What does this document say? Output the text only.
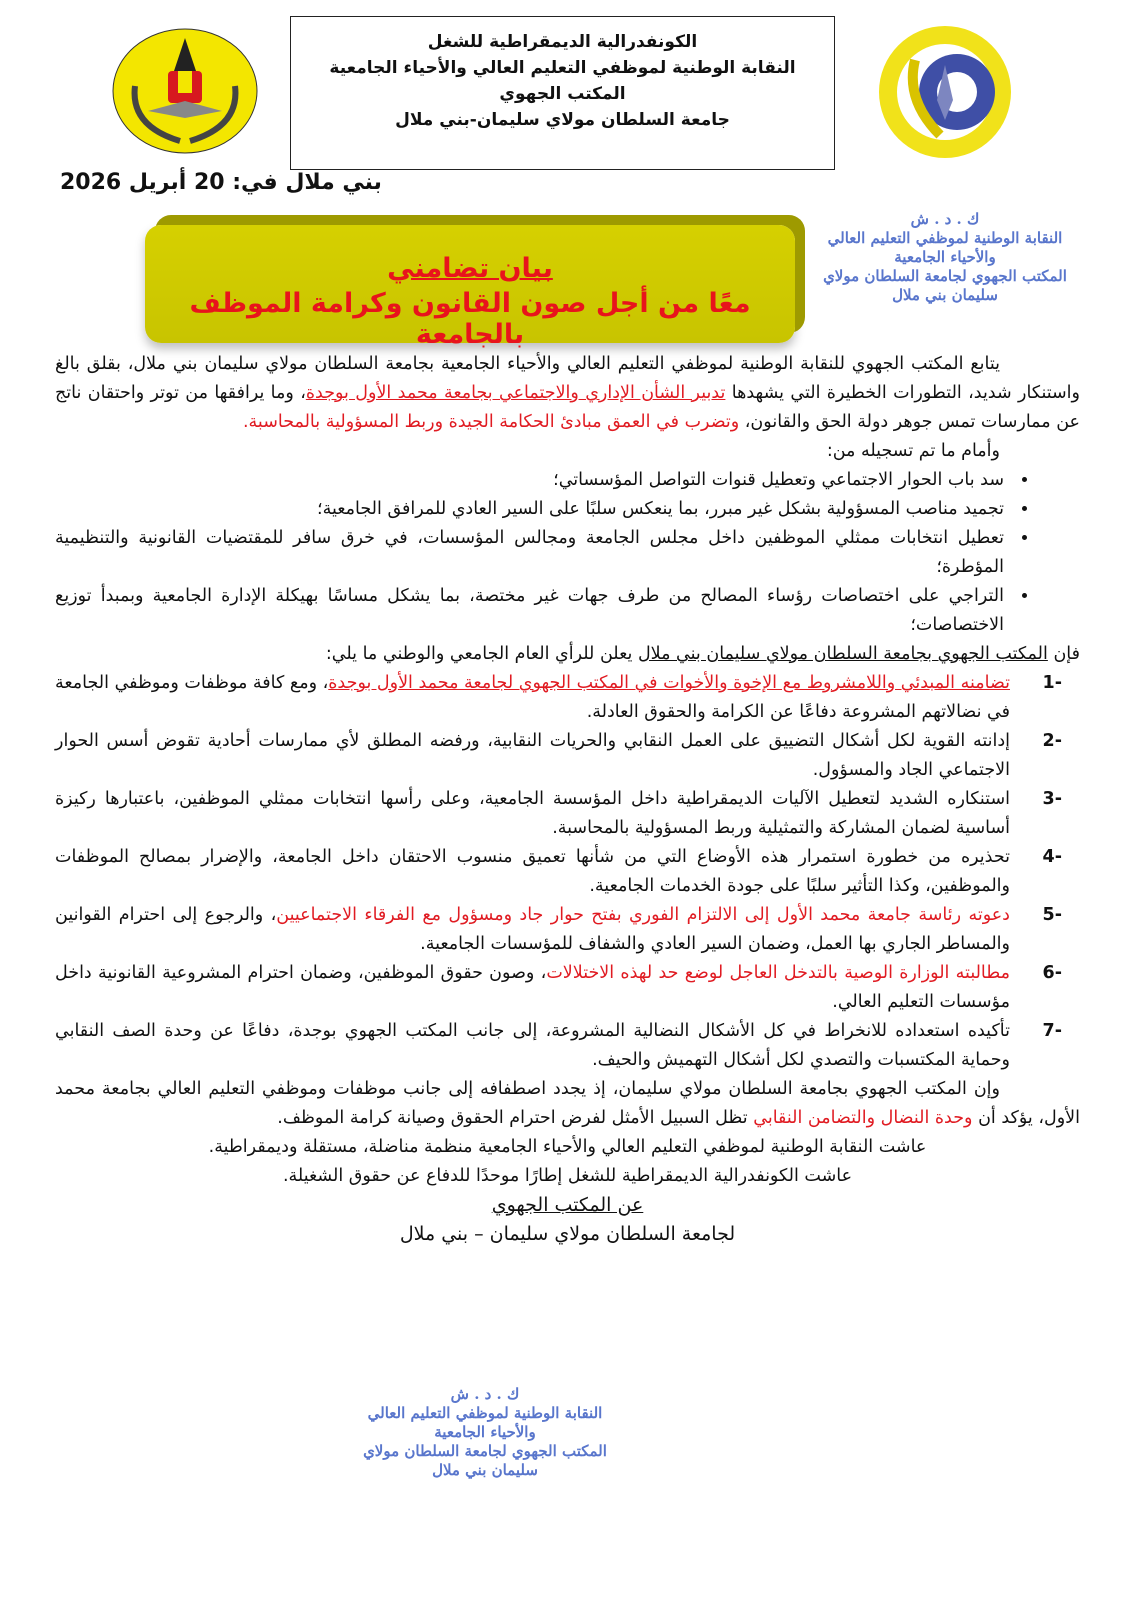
الكونفدرالية الديمقراطية للشغل
النقابة الوطنية لموظفي التعليم العالي والأحياء الجامعية
المكتب الجهوي
جامعة السلطان مولاي سليمان-بني ملال
بني ملال في: 20 أبريل 2026
بيان تضامني
معًا من أجل صون القانون وكرامة الموظف بالجامعة
ك . د . ش
النقابة الوطنية لموظفي التعليم العالي
والأحياء الجامعية
المكتب الجهوي لجامعة السلطان مولاي
سليمان بني ملال

يتابع المكتب الجهوي للنقابة الوطنية لموظفي التعليم العالي والأحياء الجامعية بجامعة السلطان مولاي سليمان بني ملال، بقلق بالغ واستنكار شديد، التطورات الخطيرة التي يشهدها تدبير الشأن الإداري والاجتماعي بجامعة محمد الأول بوجدة، وما يرافقها من توتر واحتقان ناتج عن ممارسات تمس جوهر دولة الحق والقانون، وتضرب في العمق مبادئ الحكامة الجيدة وربط المسؤولية بالمحاسبة.

وأمام ما تم تسجيله من:

• سد باب الحوار الاجتماعي وتعطيل قنوات التواصل المؤسساتي؛
• تجميد مناصب المسؤولية بشكل غير مبرر، بما ينعكس سلبًا على السير العادي للمرافق الجامعية؛
• تعطيل انتخابات ممثلي الموظفين داخل مجلس الجامعة ومجالس المؤسسات، في خرق سافر للمقتضيات القانونية والتنظيمية المؤطرة؛
• التراجي على اختصاصات رؤساء المصالح من طرف جهات غير مختصة، بما يشكل مساسًا بهيكلة الإدارة الجامعية وبمبدأ توزيع الاختصاصات؛

فإن المكتب الجهوي بجامعة السلطان مولاي سليمان بني ملال يعلن للرأي العام الجامعي والوطني ما يلي:

1-
تضامنه المبدئي واللامشروط مع الإخوة والأخوات في المكتب الجهوي لجامعة محمد الأول بوجدة، ومع كافة موظفات وموظفي الجامعة في نضالاتهم المشروعة دفاعًا عن الكرامة والحقوق العادلة.
2-
إدانته القوية لكل أشكال التضييق على العمل النقابي والحريات النقابية، ورفضه المطلق لأي ممارسات أحادية تقوض أسس الحوار الاجتماعي الجاد والمسؤول.
3-
استنكاره الشديد لتعطيل الآليات الديمقراطية داخل المؤسسة الجامعية، وعلى رأسها انتخابات ممثلي الموظفين، باعتبارها ركيزة أساسية لضمان المشاركة والتمثيلية وربط المسؤولية بالمحاسبة.
4-
تحذيره من خطورة استمرار هذه الأوضاع التي من شأنها تعميق منسوب الاحتقان داخل الجامعة، والإضرار بمصالح الموظفات والموظفين، وكذا التأثير سلبًا على جودة الخدمات الجامعية.
5-
دعوته رئاسة جامعة محمد الأول إلى الالتزام الفوري بفتح حوار جاد ومسؤول مع الفرقاء الاجتماعيين، والرجوع إلى احترام القوانين والمساطر الجاري بها العمل، وضمان السير العادي والشفاف للمؤسسات الجامعية.
6-
مطالبته الوزارة الوصية بالتدخل العاجل لوضع حد لهذه الاختلالات، وصون حقوق الموظفين، وضمان احترام المشروعية القانونية داخل مؤسسات التعليم العالي.
7-
تأكيده استعداده للانخراط في كل الأشكال النضالية المشروعة، إلى جانب المكتب الجهوي بوجدة، دفاعًا عن وحدة الصف النقابي وحماية المكتسبات والتصدي لكل أشكال التهميش والحيف.

وإن المكتب الجهوي بجامعة السلطان مولاي سليمان، إذ يجدد اصطفافه إلى جانب موظفات وموظفي التعليم العالي بجامعة محمد الأول، يؤكد أن وحدة النضال والتضامن النقابي تظل السبيل الأمثل لفرض احترام الحقوق وصيانة كرامة الموظف.

عاشت النقابة الوطنية لموظفي التعليم العالي والأحياء الجامعية منظمة مناضلة، مستقلة وديمقراطية.

عاشت الكونفدرالية الديمقراطية للشغل إطارًا موحدًا للدفاع عن حقوق الشغيلة.

عن المكتب الجهوي

لجامعة السلطان مولاي سليمان – بني ملال

ك . د . ش
النقابة الوطنية لموظفي التعليم العالي
والأحياء الجامعية
المكتب الجهوي لجامعة السلطان مولاي
سليمان بني ملال
